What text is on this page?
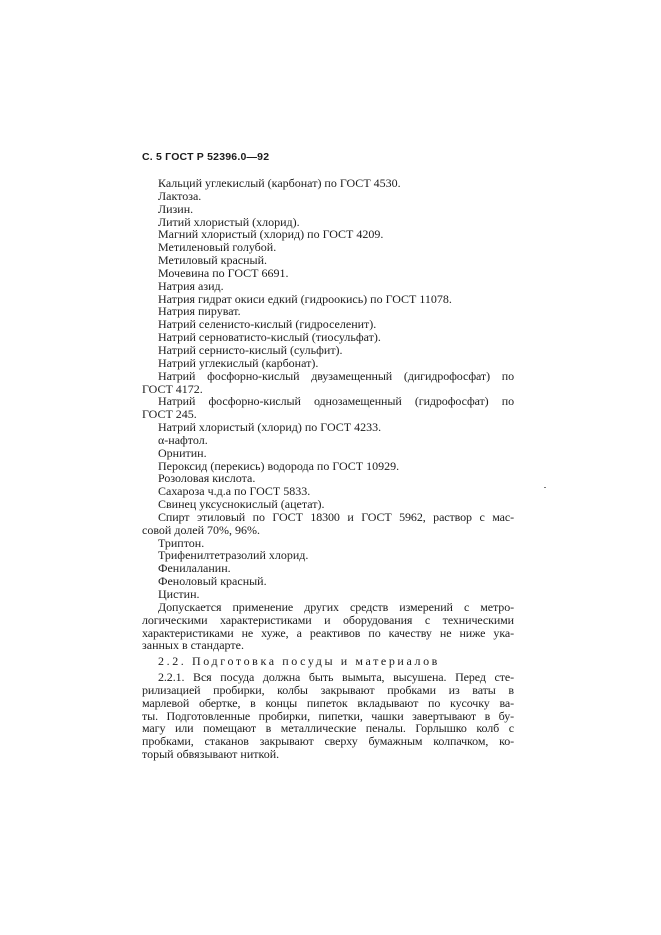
С. 5 ГОСТ Р 52396.0—92

Кальций углекислый (карбонат) по ГОСТ 4530.

Лактоза.

Лизин.

Литий хлористый (хлорид).

Магний хлористый (хлорид) по ГОСТ 4209.

Метиленовый голубой.

Метиловый красный.

Мочевина по ГОСТ 6691.

Натрия азид.

Натрия гидрат окиси едкий (гидроокись) по ГОСТ 11078.

Натрия пируват.

Натрий селенисто-кислый (гидроселенит).

Натрий серноватисто-кислый (тиосульфат).

Натрий сернисто-кислый (сульфит).

Натрий углекислый (карбонат).

Натрий фосфорно-кислый двузамещенный (дигидрофосфат) по

ГОСТ 4172.

Натрий фосфорно-кислый однозамещенный (гидрофосфат) по

ГОСТ 245.

Натрий хлористый (хлорид) по ГОСТ 4233.

α-нафтол.

Орнитин.

Пероксид (перекись) водорода по ГОСТ 10929.

Розоловая кислота.

Сахароза ч.д.а по ГОСТ 5833.

Свинец уксуснокислый (ацетат).

Спирт этиловый по ГОСТ 18300 и ГОСТ 5962, раствор с мас-

совой долей 70%, 96%.

Триптон.

Трифенилтетразолий хлорид.

Фенилаланин.

Феноловый красный.

Цистин.

Допускается применение других средств измерений с метро-

логическими характеристиками и оборудования с техническими

характеристиками не хуже, а реактивов по качеству не ниже ука-

занных в стандарте.

2.2. Подготовка посуды и материалов

2.2.1. Вся посуда должна быть вымыта, высушена. Перед сте-

рилизацией пробирки, колбы закрывают пробками из ваты в

марлевой обертке, в концы пипеток вкладывают по кусочку ва-

ты. Подготовленные пробирки, пипетки, чашки завертывают в бу-

магу или помещают в металлические пеналы. Горлышко колб с

пробками, стаканов закрывают сверху бумажным колпачком, ко-

торый обвязывают ниткой.
